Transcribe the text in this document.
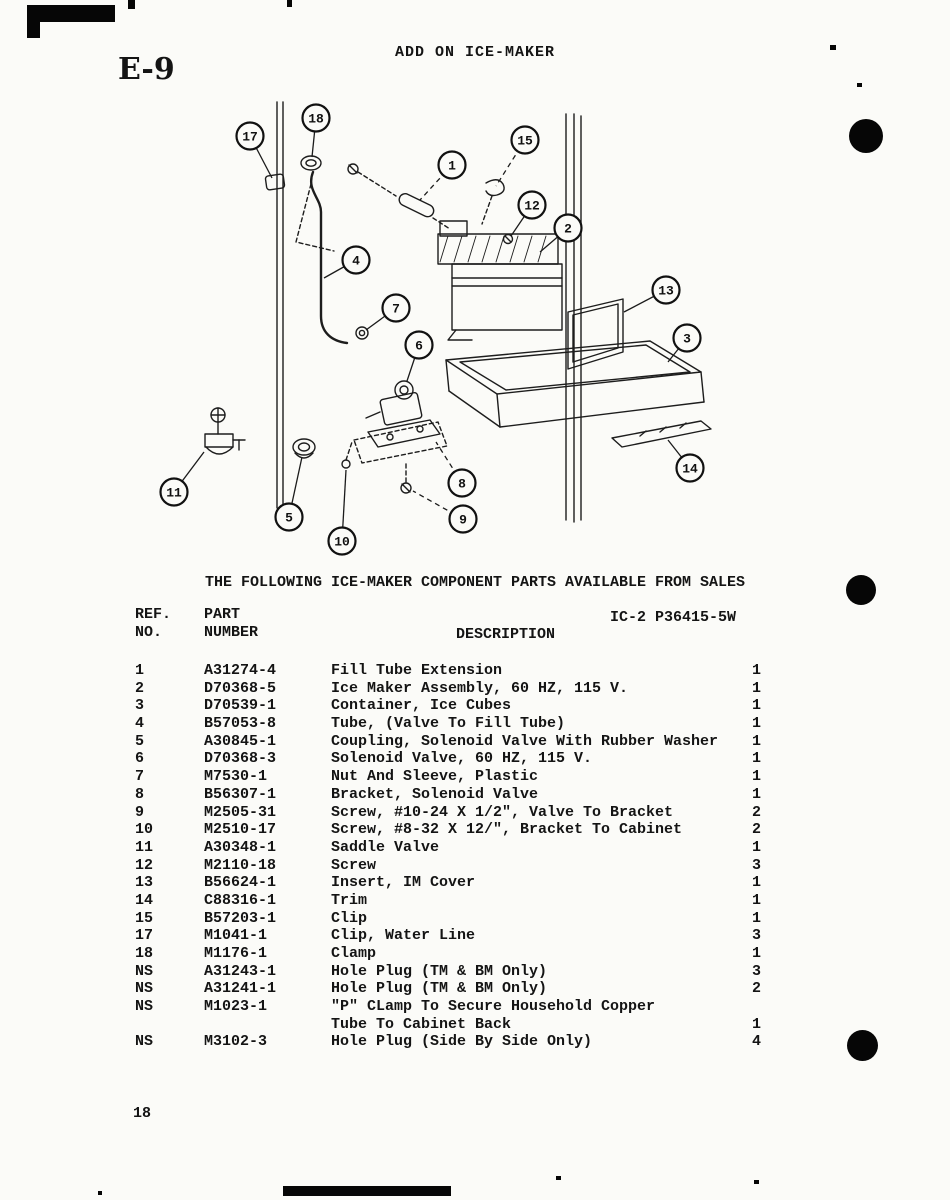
ADD ON ICE-MAKER
E-9
17
18
1
15
12
2
4
7
13
3
6
8
9
14
11
5
10
THE FOLLOWING ICE-MAKER COMPONENT PARTS AVAILABLE FROM SALES
REF.
NO.
PART
NUMBER	DESCRIPTION
IC-2 P36415-5W
1	A31274-4	Fill Tube Extension	1
2	D70368-5	Ice Maker Assembly, 60 HZ, 115 V.	1
3	D70539-1	Container, Ice Cubes	1
4	B57053-8	Tube, (Valve To Fill Tube)	1
5	A30845-1	Coupling, Solenoid Valve With Rubber Washer 1
6	D70368-3	Solenoid Valve, 60 HZ, 115 V.	1
7	M7530-1	Nut And Sleeve, Plastic	1
8	B56307-1	Bracket, Solenoid Valve	1
9	M2505-31	Screw, #10-24 X 1/2", Valve To Bracket	2
10	M2510-17	Screw, #8-32 X 12/", Bracket To Cabinet	2
11	A30348-1	Saddle Valve	1
12	M2110-18	Screw	3
13	B56624-1	Insert, IM Cover	1
14	C88316-1	Trim	1
15	B57203-1	Clip	1
17	M1041-1	Clip, Water Line	3
18	M1176-1	Clamp	1
NS	A31243-1	Hole Plug (TM & BM Only)	3
NS	A31241-1	Hole Plug (TM & BM Only)	2
NS	M1023-1	"P" CLamp To Secure Household Copper
Tube To Cabinet Back	1
NS	M3102-3	Hole Plug (Side By Side Only)	4
18
